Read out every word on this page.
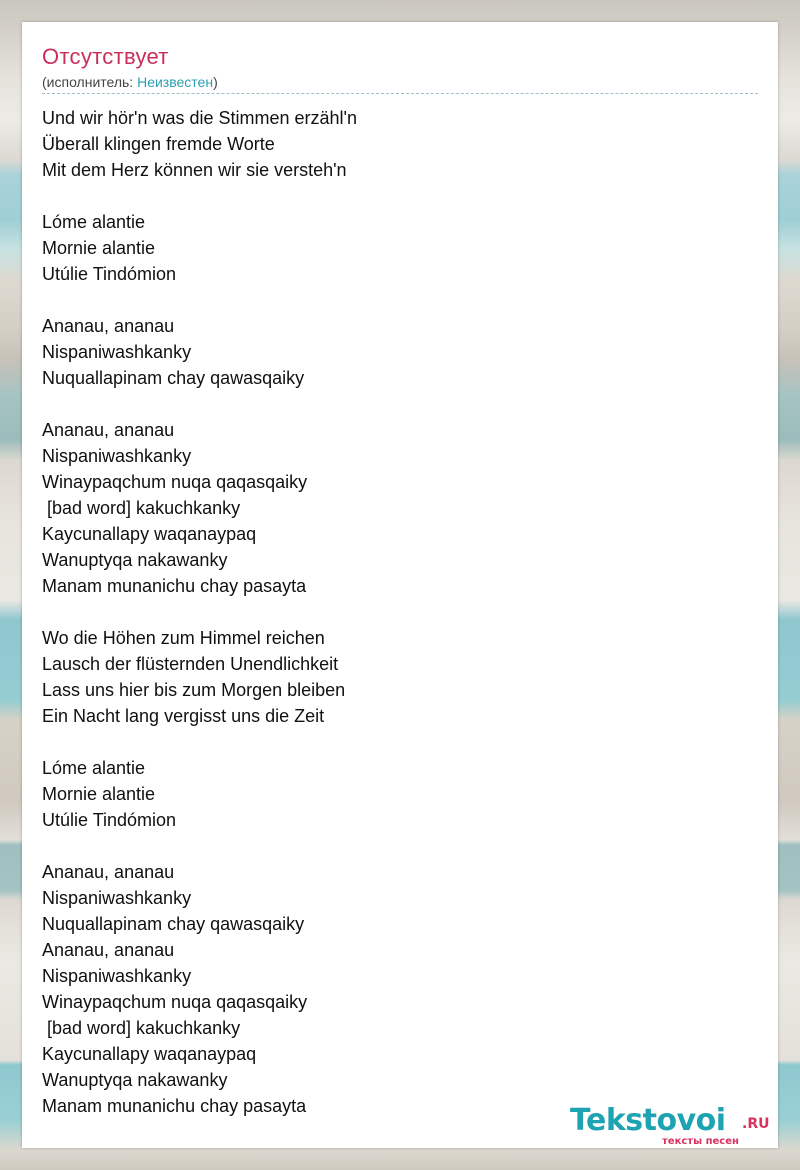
Отсутствует
(исполнитель: Неизвестен)
Und wir hör'n was die Stimmen erzähl'n
Überall klingen fremde Worte
Mit dem Herz können wir sie versteh'n
Lóme alantie
Mornie alantie
Utúlie Tindómion
Ananau, ananau
Nispaniwashkanky
Nuquallapinam chay qawasqaiky
Ananau, ananau
Nispaniwashkanky
Winaypaqchum nuqa qaqasqaiky
[bad word] kakuchkanky
Kaycunallapy waqanaypaq
Wanuptyqa nakawanky
Manam munanichu chay pasayta
Wo die Höhen zum Himmel reichen
Lausch der flüsternden Unendlichkeit
Lass uns hier bis zum Morgen bleiben
Ein Nacht lang vergisst uns die Zeit
Lóme alantie
Mornie alantie
Utúlie Tindómion
Ananau, ananau
Nispaniwashkanky
Nuquallapinam chay qawasqaiky
Ananau, ananau
Nispaniwashkanky
Winaypaqchum nuqa qaqasqaiky
[bad word] kakuchkanky
Kaycunallapy waqanaypaq
Wanuptyqa nakawanky
Manam munanichu chay pasayta	Tekstovoi .RU
тексты песен
